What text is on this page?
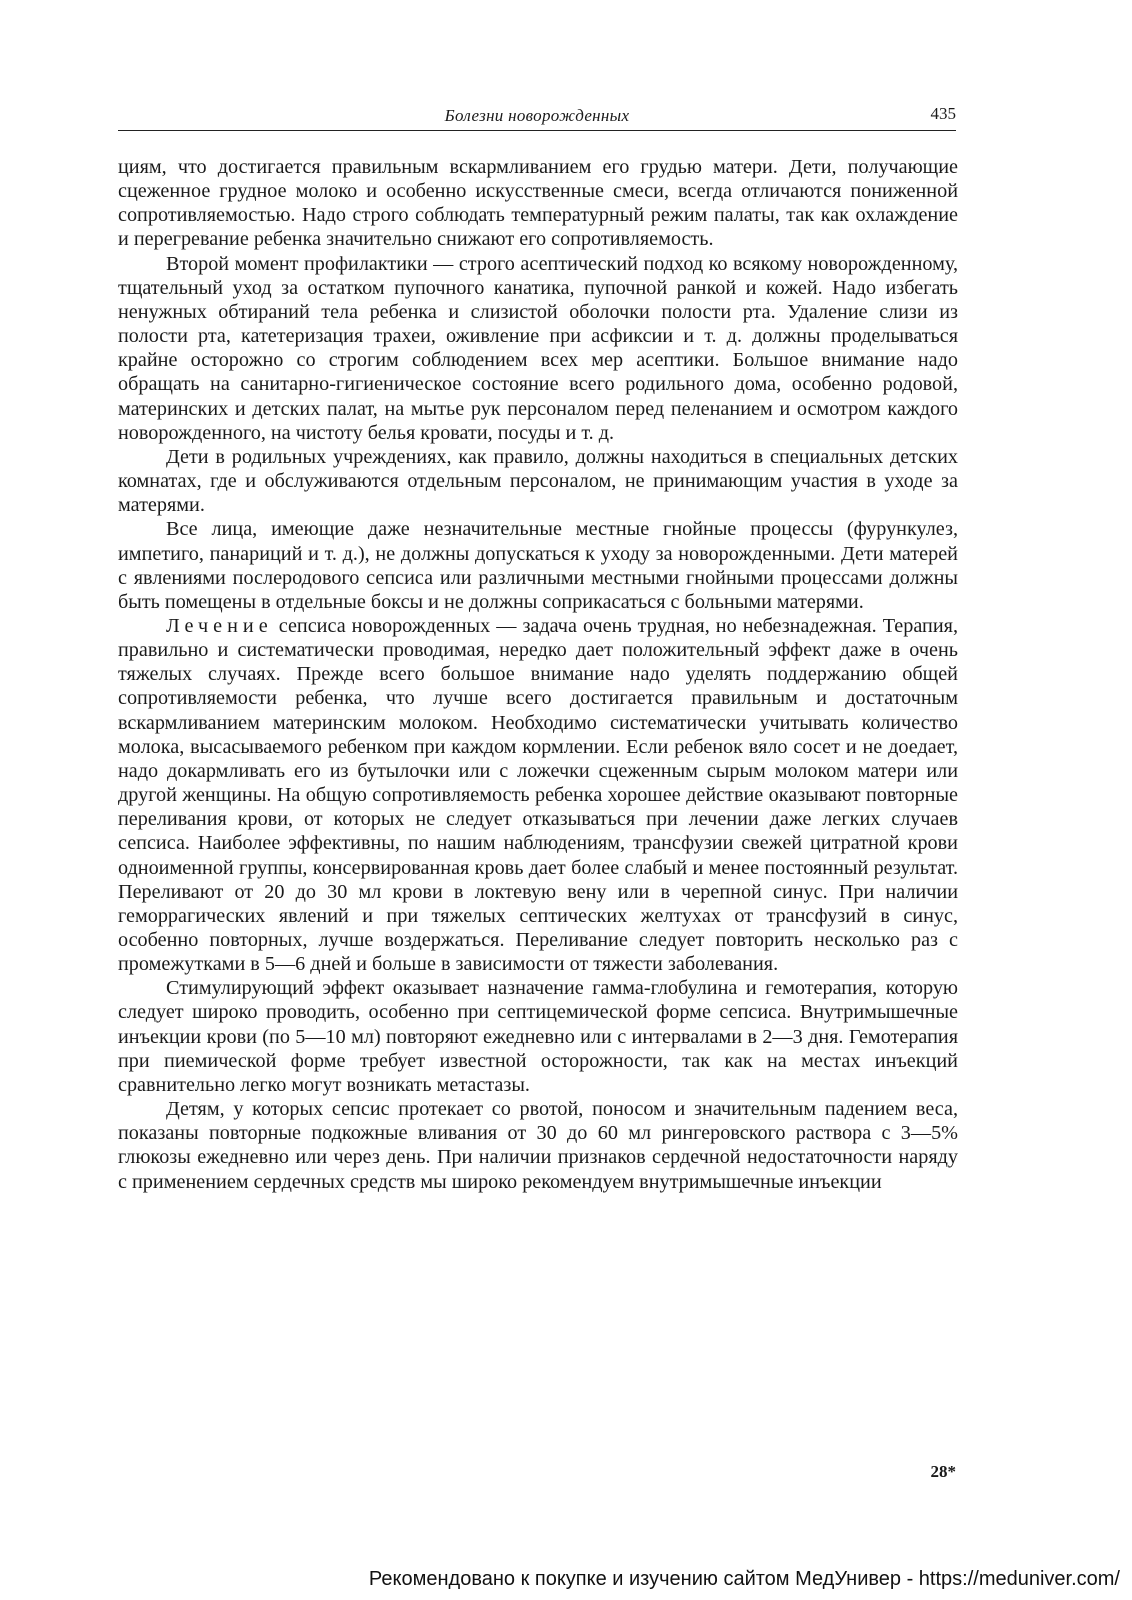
Болезни новорожденных	435

циям, что достигается правильным вскармливанием его грудью матери. Дети, получающие сцеженное грудное молоко и особенно искусственные смеси, всегда отличаются пониженной сопротивляемостью. Надо строго соблюдать температурный режим палаты, так как охлаждение и перегревание ребенка значительно снижают его сопротивляемость.

Второй момент профилактики — строго асептический подход ко всякому новорожденному, тщательный уход за остатком пупочного канатика, пупочной ранкой и кожей. Надо избегать ненужных обтираний тела ребенка и слизистой оболочки полости рта. Удаление слизи из полости рта, катетеризация трахеи, оживление при асфиксии и т. д. должны проделываться крайне осторожно со строгим соблюдением всех мер асептики. Большое внимание надо обращать на санитарно-гигиеническое состояние всего родильного дома, особенно родовой, материнских и детских палат, на мытье рук персоналом перед пеленанием и осмотром каждого новорожденного, на чистоту белья кровати, посуды и т. д.

Дети в родильных учреждениях, как правило, должны находиться в специальных детских комнатах, где и обслуживаются отдельным персоналом, не принимающим участия в уходе за матерями.

Все лица, имеющие даже незначительные местные гнойные процессы (фурункулез, импетиго, панариций и т. д.), не должны допускаться к уходу за новорожденными. Дети матерей с явлениями послеродового сепсиса или различными местными гнойными процессами должны быть помещены в отдельные боксы и не должны соприкасаться с больными матерями.

Лечение сепсиса новорожденных — задача очень трудная, но небезнадежная. Терапия, правильно и систематически проводимая, нередко дает положительный эффект даже в очень тяжелых случаях. Прежде всего большое внимание надо уделять поддержанию общей сопротивляемости ребенка, что лучше всего достигается правильным и достаточным вскармливанием материнским молоком. Необходимо систематически учитывать количество молока, высасываемого ребенком при каждом кормлении. Если ребенок вяло сосет и не доедает, надо докармливать его из бутылочки или с ложечки сцеженным сырым молоком матери или другой женщины. На общую сопротивляемость ребенка хорошее действие оказывают повторные переливания крови, от которых не следует отказываться при лечении даже легких случаев сепсиса. Наиболее эффективны, по нашим наблюдениям, трансфузии свежей цитратной крови одноименной группы, консервированная кровь дает более слабый и менее постоянный результат. Переливают от 20 до 30 мл крови в локтевую вену или в черепной синус. При наличии геморрагических явлений и при тяжелых септических желтухах от трансфузий в синус, особенно повторных, лучше воздержаться. Переливание следует повторить несколько раз с промежутками в 5—6 дней и больше в зависимости от тяжести заболевания.

Стимулирующий эффект оказывает назначение гамма-глобулина и гемотерапия, которую следует широко проводить, особенно при септицемической форме сепсиса. Внутримышечные инъекции крови (по 5—10 мл) повторяют ежедневно или с интервалами в 2—3 дня. Гемотерапия при пиемической форме требует известной осторожности, так как на местах инъекций сравнительно легко могут возникать метастазы.

Детям, у которых сепсис протекает со рвотой, поносом и значительным падением веса, показаны повторные подкожные вливания от 30 до 60 мл рингеровского раствора с 3—5% глюкозы ежедневно или через день. При наличии признаков сердечной недостаточности наряду с применением сердечных средств мы широко рекомендуем внутримышечные инъекции

28*
Рекомендовано к покупке и изучению сайтом МедУнивер - https://meduniver.com/
